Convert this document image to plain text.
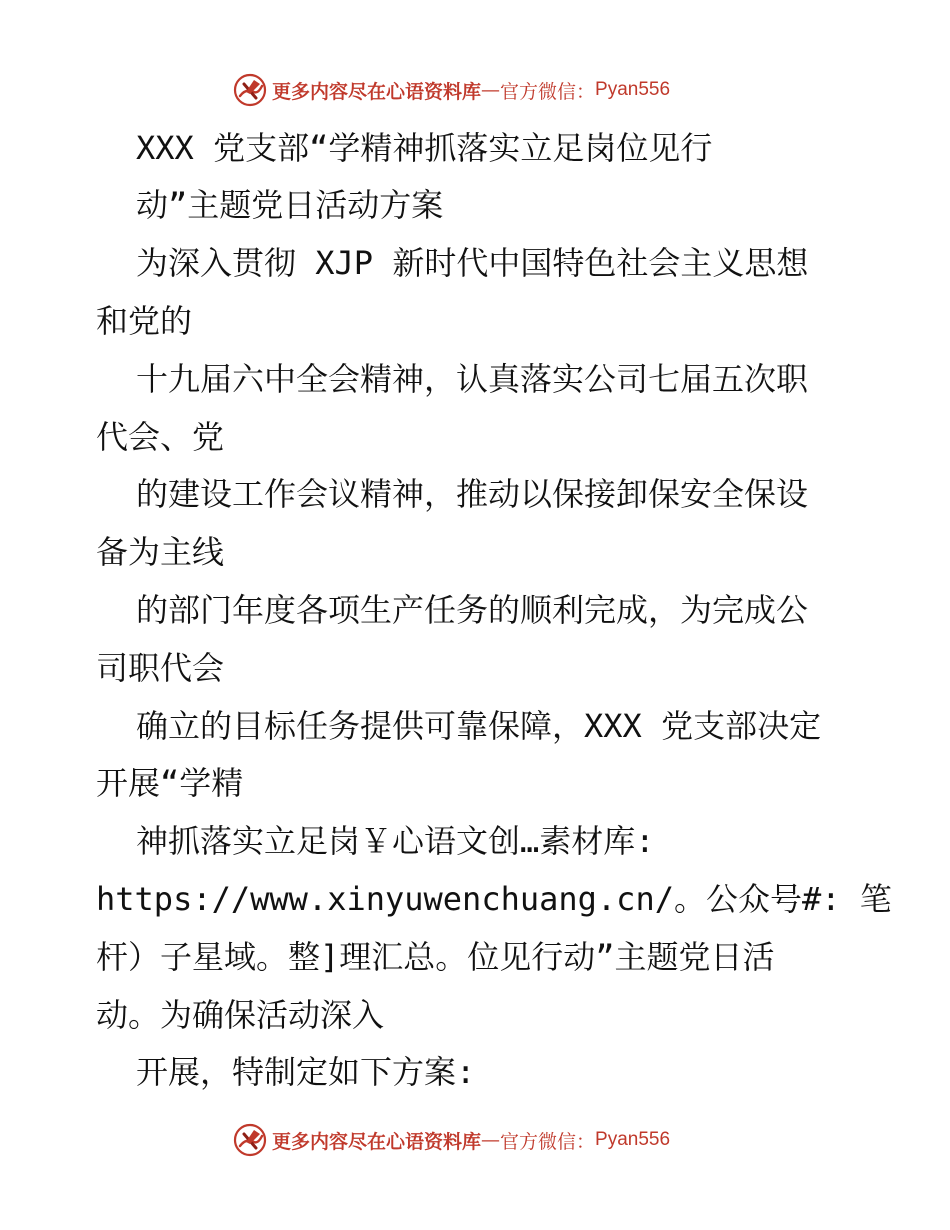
更多内容尽在心语资料库 — 官方微信： Pyan556
XXX 党支部“学精神抓落实立足岗位见行
动”主题党日活动方案
为深入贯彻 XJP 新时代中国特色社会主义思想
和党的
十九届六中全会精神，认真落实公司七届五次职
代会、党
的建设工作会议精神，推动以保接卸保安全保设
备为主线
的部门年度各项生产任务的顺利完成，为完成公
司职代会
确立的目标任务提供可靠保障，XXX 党支部决定
开展“学精
神抓落实立足岗￥心语文创…素材库:
https://www.xinyuwenchuang.cn/。公众号#: 笔
杆）子星域。整]理汇总。位见行动”主题党日活
动。为确保活动深入
开展，特制定如下方案:
更多内容尽在心语资料库 — 官方微信： Pyan556
